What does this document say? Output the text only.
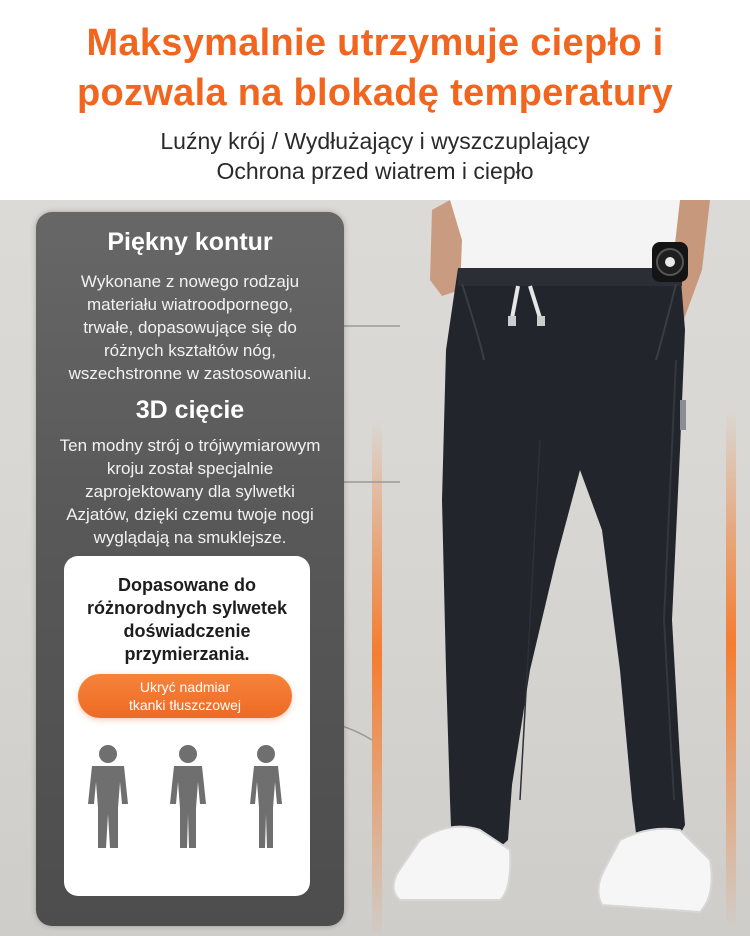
Maksymalnie utrzymuje ciepło i
pozwala na blokadę temperatury
Luźny krój / Wydłużający i wyszczuplający
Ochrona przed wiatrem i ciepło
Piękny kontur
Wykonane z nowego rodzaju
materiału wiatroodpornego,
trwałe, dopasowujące się do
różnych kształtów nóg,
wszechstronne w zastosowaniu.
3D cięcie
Ten modny strój o trójwymiarowym
kroju został specjalnie
zaprojektowany dla sylwetki
Azjatów, dzięki czemu twoje nogi
wyglądają na smuklejsze.
Dopasowane do
różnorodnych sylwetek
doświadczenie
przymierzania.
Ukryć nadmiar
tkanki tłuszczowej
